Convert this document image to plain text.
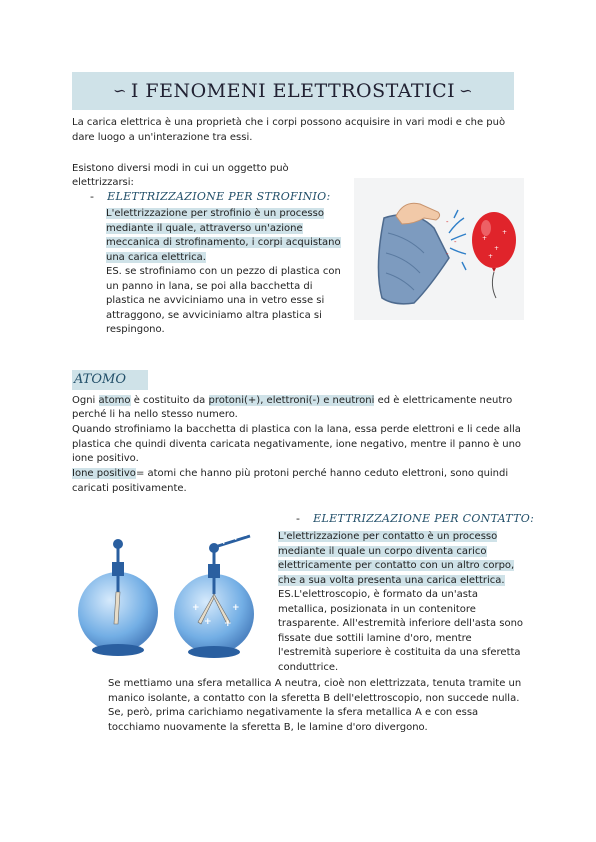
∽ I FENOMENI ELETTROSTATICI ∽

La carica elettrica è una proprietà che i corpi possono acquisire in vari modi e che può dare luogo a un'interazione tra essi.

Esistono diversi modi in cui un oggetto può

elettrizzarsi:

- ELETTRIZZAZIONE PER STROFINIO:
L'elettrizzazione per strofinio è un processo
mediante il quale, attraverso un'azione
meccanica di strofinamento, i corpi acquistano
una carica elettrica.
ES. se strofiniamo con un pezzo di plastica con
un panno in lana, se poi alla bacchetta di
plastica ne avviciniamo una in vetro esse si
attraggono, se avviciniamo altra plastica si
respingono.
-
-
-
+
+
+
+
ATOMO

Ogni atomo è costituito da protoni(+), elettroni(-) e neutroni ed è elettricamente neutro

perché li ha nello stesso numero.

Quando strofiniamo la bacchetta di plastica con la lana, essa perde elettroni e li cede alla plastica che quindi diventa caricata negativamente, ione negativo, mentre il panno è uno ione positivo.

Ione positivo= atomi che hanno più protoni perché hanno ceduto elettroni, sono quindi caricati positivamente.

- ELETTRIZZAZIONE PER CONTATTO:
L'elettrizzazione per contatto è un processo
mediante il quale un corpo diventa carico
elettricamente per contatto con un altro corpo,
che a sua volta presenta una carica elettrica.
ES.L'elettroscopio, è formato da un'asta
metallica, posizionata in un contenitore
trasparente. All'estremità inferiore dell'asta sono
fissate due sottili lamine d'oro, mentre
l'estremità superiore è costituita da una sferetta
conduttrice.
+ + +
+
+
+	+
+ +
Se mettiamo una sfera metallica A neutra, cioè non elettrizzata, tenuta tramite un
manico isolante, a contatto con la sferetta B dell'elettroscopio, non succede nulla.
Se, però, prima carichiamo negativamente la sfera metallica A e con essa
tocchiamo nuovamente la sferetta B, le lamine d'oro divergono.
